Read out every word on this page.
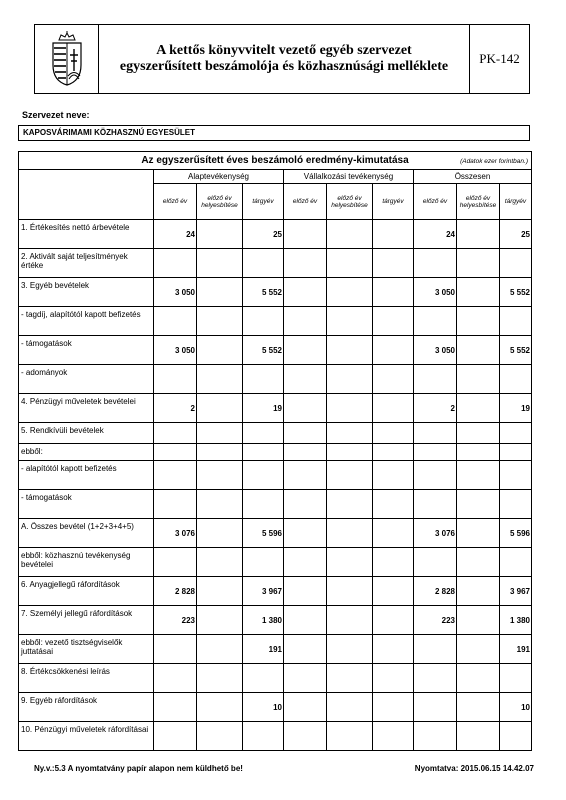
A kettős könyvvitelt vezető egyéb szervezet
egyszerűsített beszámolója és közhasznúsági melléklete
PK-142
Szervezet neve:
KAPOSVÁRIMAMI KÖZHASZNÚ EGYESÜLET
Az egyszerűsített éves beszámoló eredmény-kimutatása (Adatok ezer forintban.)									

	Alaptevékenység			Vállalkozási tevékenység			Összesen		
	előző év	előző év helyesbítése	tárgyév	előző év	előző év helyesbítése	tárgyév	előző év	előző év helyesbítése	tárgyév

1. Értékesítés nettó árbevétele	24		25				24		25

2. Aktivált saját teljesítmények értéke									

3. Egyéb bevételek	3 050		5 552				3 050		5 552

- tagdíj, alapítótól kapott befizetés									

- támogatások	3 050		5 552				3 050		5 552

- adományok									

4. Pénzügyi műveletek bevételei	2		19				2		19

5. Rendkívüli bevételek									

ebből:									

- alapítótól kapott befizetés									

- támogatások									

A. Összes bevétel (1+2+3+4+5)	3 076		5 596				3 076		5 596

ebből: közhasznú tevékenység bevételei									

6. Anyagjellegű ráfordítások	2 828		3 967				2 828		3 967

7. Személyi jellegű ráfordítások	223		1 380				223		1 380

ebből: vezető tisztségviselők juttatásai			191						191

8. Értékcsökkenési leírás									

9. Egyéb ráfordítások			10						10

10. Pénzügyi műveletek ráfordításai									

Ny.v.:5.3 A nyomtatvány papír alapon nem küldhető be!	Nyomtatva: 2015.06.15 14.42.07
